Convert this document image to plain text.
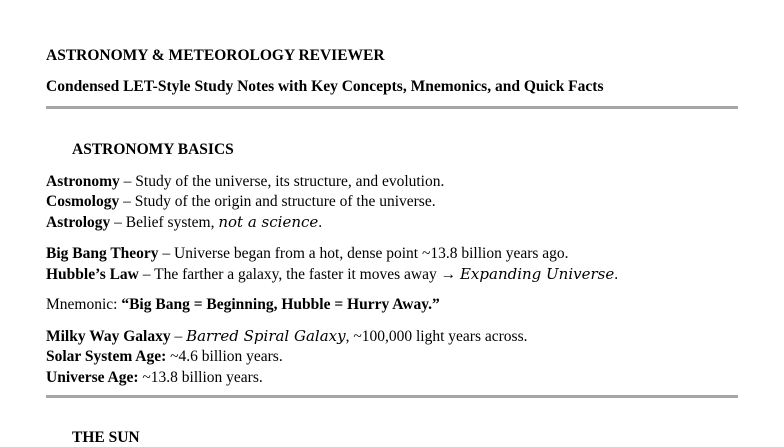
ASTRONOMY & METEOROLOGY REVIEWER
Condensed LET-Style Study Notes with Key Concepts, Mnemonics, and Quick Facts
ASTRONOMY BASICS
Astronomy – Study of the universe, its structure, and evolution.
Cosmology – Study of the origin and structure of the universe.
Astrology – Belief system, not a science.
Big Bang Theory – Universe began from a hot, dense point ~13.8 billion years ago.
Hubble’s Law – The farther a galaxy, the faster it moves away → Expanding Universe.
Mnemonic: “Big Bang = Beginning, Hubble = Hurry Away.”
Milky Way Galaxy – Barred Spiral Galaxy, ~100,000 light years across.
Solar System Age: ~4.6 billion years.
Universe Age: ~13.8 billion years.
THE SUN
